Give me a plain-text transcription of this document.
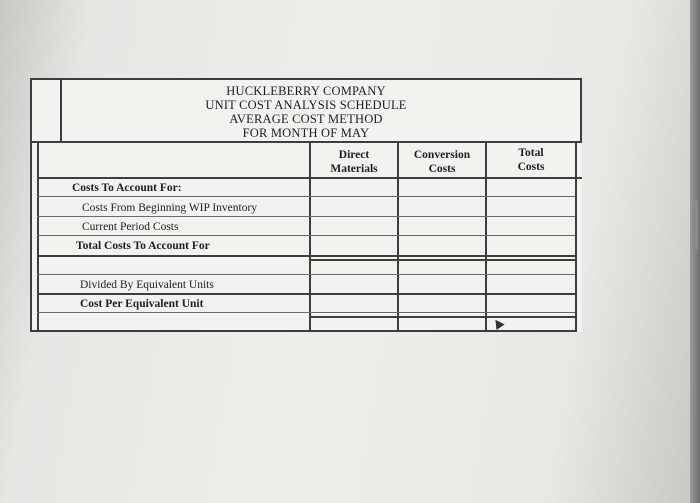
HUCKLEBERRY COMPANY
UNIT COST ANALYSIS SCHEDULE
AVERAGE COST METHOD
FOR MONTH OF MAY
Direct
Materials
Conversion
Costs
Total
Costs
Costs To Account For:
Costs From Beginning WIP Inventory
Current Period Costs
Total Costs To Account For
Divided By Equivalent Units
Cost Per Equivalent Unit
